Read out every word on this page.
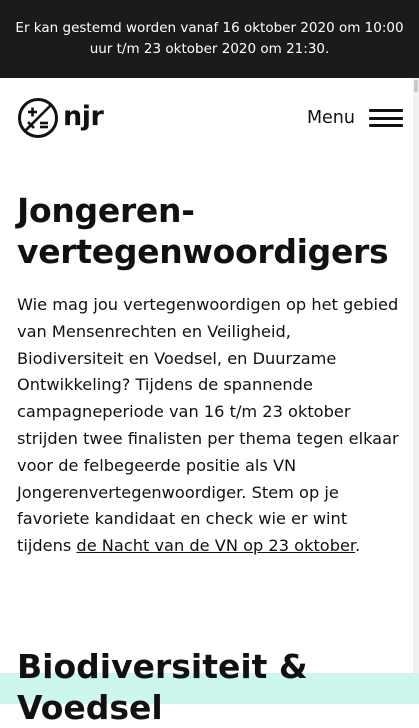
Er kan gestemd worden vanaf 16 oktober 2020 om 10:00 uur t/m 23 oktober 2020 om 21:30.

njr	Menu
Jongeren-vertegenwoordigers

Wie mag jou vertegenwoordigen op het gebied van Mensenrechten en Veiligheid, Biodiversiteit en Voedsel, en Duurzame Ontwikkeling? Tijdens de spannende campagneperiode van 16 t/m 23 oktober strijden twee finalisten per thema tegen elkaar voor de felbegeerde positie als VN Jongerenvertegenwoordiger. Stem op je favoriete kandidaat en check wie er wint tijdens de Nacht van de VN op 23 oktober.

Biodiversiteit & Voedsel
